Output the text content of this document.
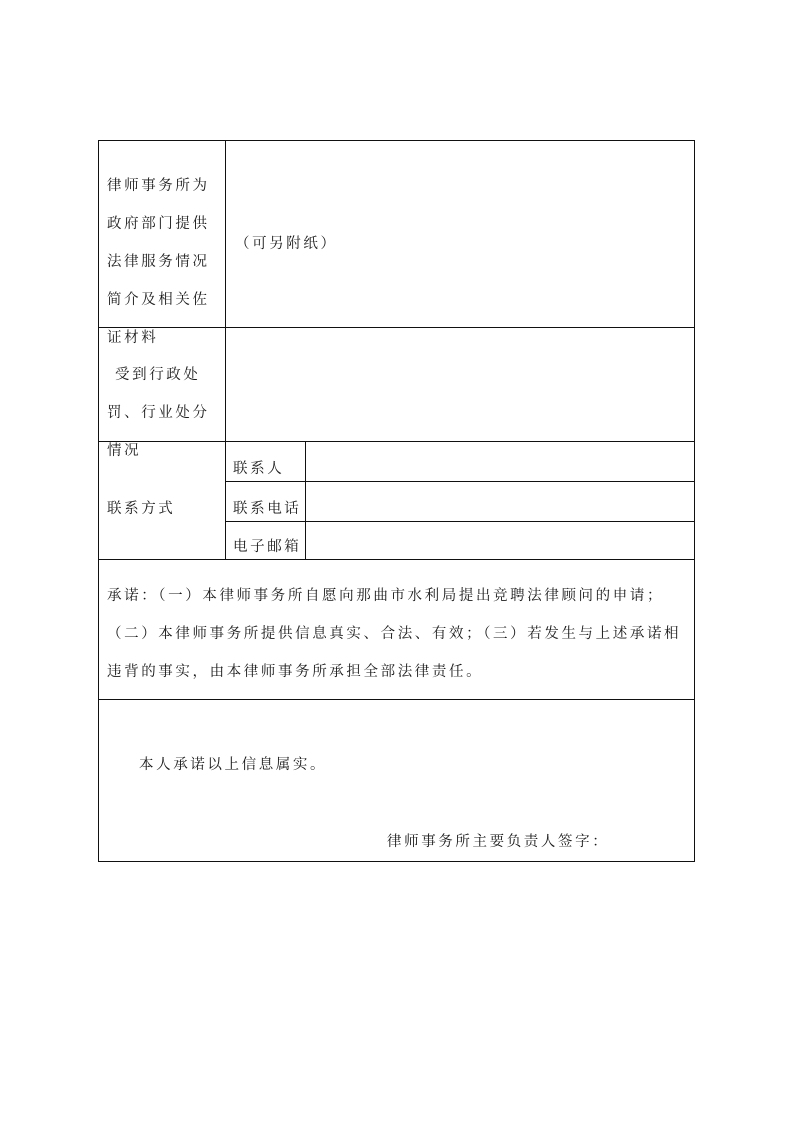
律师事务所为政府部门提供法律服务情况简介及相关佐证材料
（可另附纸）
受到行政处罚、行业处分情况
联系方式
联系人
联系电话
电子邮箱
承诺：（一）本律师事务所自愿向那曲市水利局提出竞聘法律顾问的申请；（二）本律师事务所提供信息真实、合法、有效；（三）若发生与上述承诺相违背的事实，由本律师事务所承担全部法律责任。
本人承诺以上信息属实。
律师事务所主要负责人签字：
